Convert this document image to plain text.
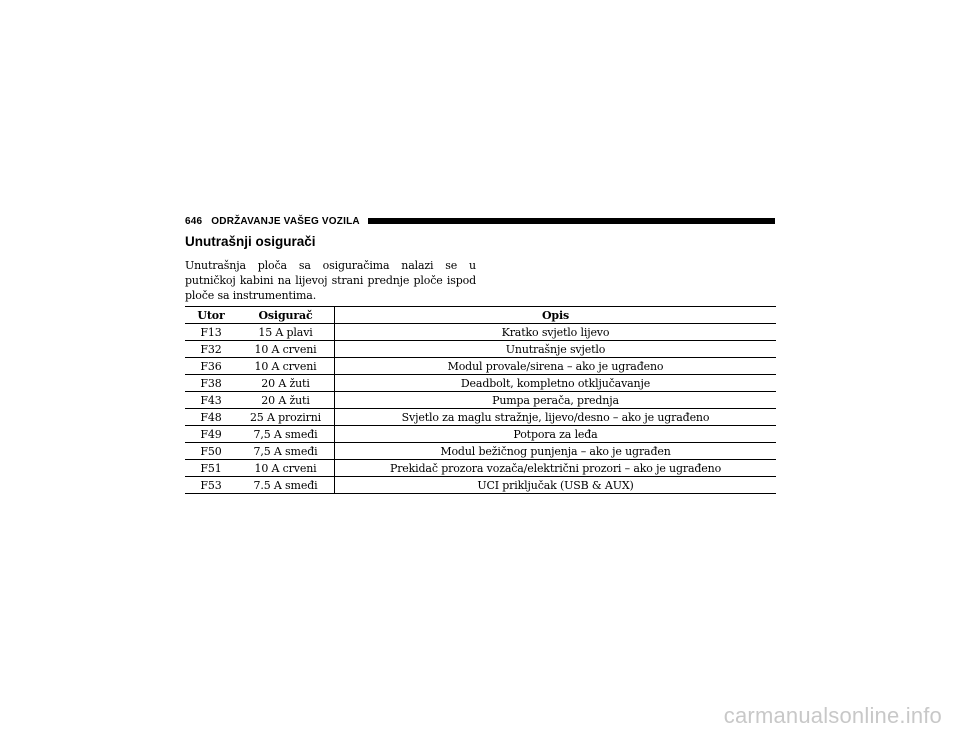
646 ODRŽAVANJE VAŠEG VOZILA
Unutrašnji osigurači

Unutrašnja ploča sa osiguračima nalazi se u putničkoj kabini na lijevoj strani prednje ploče ispod ploče sa instrumentima.

Utor	Osigurač	Opis
F13	15 A plavi	Kratko svjetlo lijevo
F32	10 A crveni	Unutrašnje svjetlo
F36	10 A crveni	Modul provale/sirena – ako je ugrađeno
F38	20 A žuti	Deadbolt, kompletno otključavanje
F43	20 A žuti	Pumpa perača, prednja
F48	25 A prozirni	Svjetlo za maglu stražnje, lijevo/desno – ako je ugrađeno
F49	7,5 A smeđi	Potpora za leđa
F50	7,5 A smeđi	Modul bežičnog punjenja – ako je ugrađen
F51	10 A crveni	Prekidač prozora vozača/električni prozori – ako je ugrađeno
F53	7.5 A smeđi	UCI priključak (USB & AUX)
carmanualsonline.info
